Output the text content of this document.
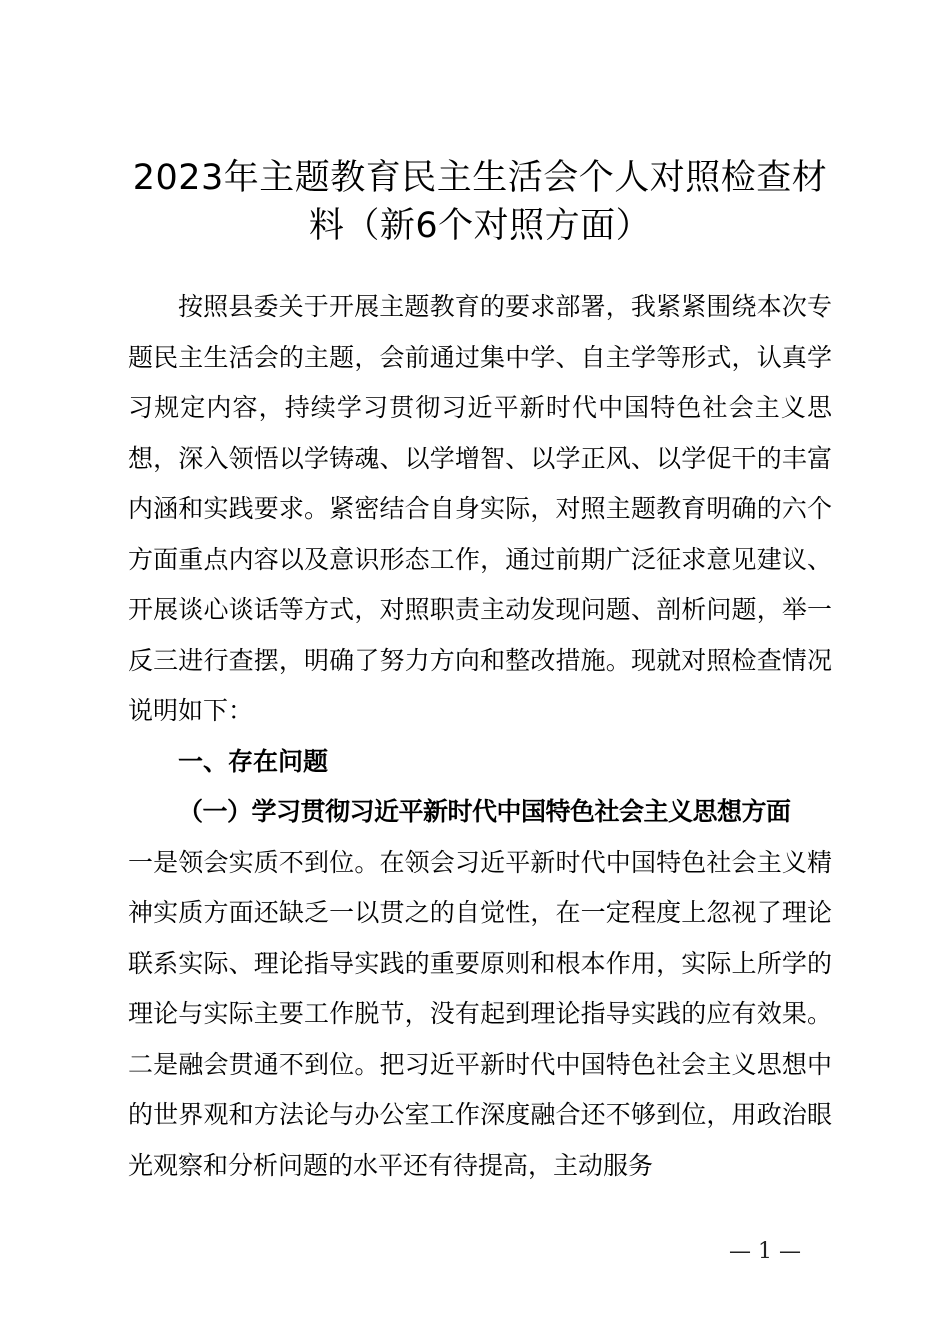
2023年主题教育民主生活会个人对照检查材料（新6个对照方面）

按照县委关于开展主题教育的要求部署，我紧紧围绕本次专题民主生活会的主题，会前通过集中学、自主学等形式，认真学习规定内容，持续学习贯彻习近平新时代中国特色社会主义思想，深入领悟以学铸魂、以学增智、以学正风、以学促干的丰富内涵和实践要求。紧密结合自身实际，对照主题教育明确的六个方面重点内容以及意识形态工作，通过前期广泛征求意见建议、开展谈心谈话等方式，对照职责主动发现问题、剖析问题，举一反三进行查摆，明确了努力方向和整改措施。现就对照检查情况说明如下：

一、存在问题

（一）学习贯彻习近平新时代中国特色社会主义思想方面

一是领会实质不到位。在领会习近平新时代中国特色社会主义精神实质方面还缺乏一以贯之的自觉性，在一定程度上忽视了理论联系实际、理论指导实践的重要原则和根本作用，实际上所学的理论与实际主要工作脱节，没有起到理论指导实践的应有效果。二是融会贯通不到位。把习近平新时代中国特色社会主义思想中的世界观和方法论与办公室工作深度融合还不够到位，用政治眼光观察和分析问题的水平还有待提高，主动服务

— 1 —
